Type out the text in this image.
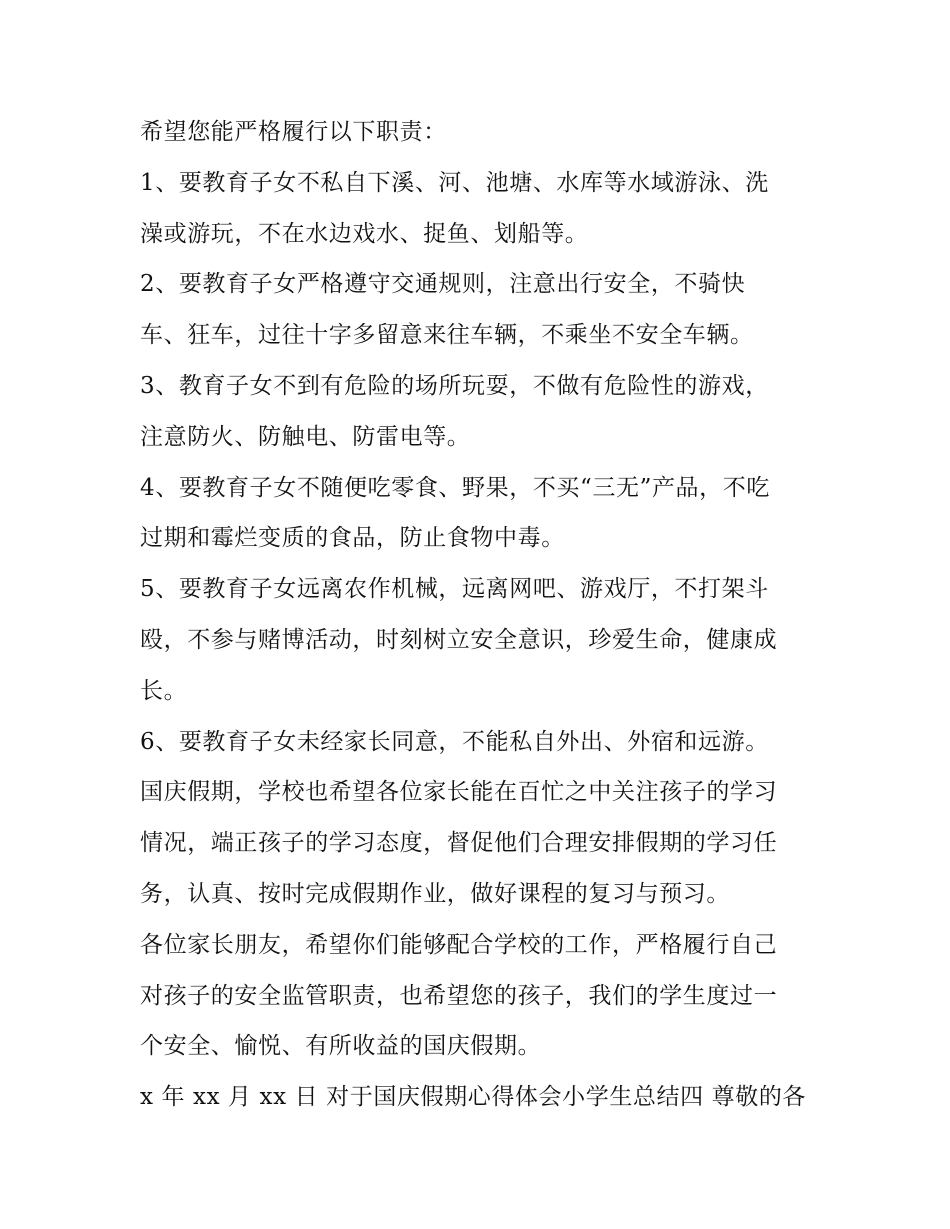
希望您能严格履行以下职责：
1、要教育子女不私自下溪、河、池塘、水库等水域游泳、洗
澡或游玩，不在水边戏水、捉鱼、划船等。
2、要教育子女严格遵守交通规则，注意出行安全，不骑快
车、狂车，过往十字多留意来往车辆，不乘坐不安全车辆。
3、教育子女不到有危险的场所玩耍，不做有危险性的游戏，
注意防火、防触电、防雷电等。
4、要教育子女不随便吃零食、野果，不买“三无”产品，不吃
过期和霉烂变质的食品，防止食物中毒。
5、要教育子女远离农作机械，远离网吧、游戏厅，不打架斗
殴，不参与赌博活动，时刻树立安全意识，珍爱生命，健康成
长。
6、要教育子女未经家长同意，不能私自外出、外宿和远游。
国庆假期，学校也希望各位家长能在百忙之中关注孩子的学习
情况，端正孩子的学习态度，督促他们合理安排假期的学习任
务，认真、按时完成假期作业，做好课程的复习与预习。
各位家长朋友，希望你们能够配合学校的工作，严格履行自己
对孩子的安全监管职责，也希望您的孩子，我们的学生度过一
个安全、愉悦、有所收益的国庆假期。
x 年 xx 月 xx 日 对于国庆假期心得体会小学生总结四 尊敬的各
